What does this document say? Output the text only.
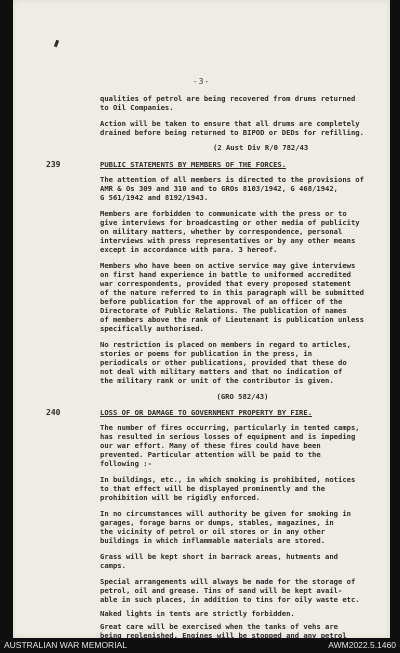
-3-
qualities of petrol are being recovered from drums returned
to Oil Companies.
Action will be taken to ensure that all drums are completely
drained before being returned to BIPOD or DEDs for refilling.
(2 Aust Div R/0 782/43
239	PUBLIC STATEMENTS BY MEMBERS OF THE FORCES.
The attention of all members is directed to the provisions of
AMR & Os 309 and 310 and to GROs 8103/1942, G 468/1942,
G 561/1942 and 8192/1943.
Members are forbidden to communicate with the press or to
give interviews for broadcasting or other media of publicity
on military matters, whether by correspondence, personal
interviews with press representatives or by any other means
except in accordance with para. 3 hereof.
Members who have been on active service may give interviews
on first hand experience in battle to uniformed accredited
war correspondents, provided that every proposed statement
of the nature referred to in this paragraph will be submitted
before publication for the approval of an officer of the
Directorate of Public Relations. The publication of names
of members above the rank of Lieutenant is publication unless
specifically authorised.
No restriction is placed on members in regard to articles,
stories or poems for publication in the press, in
periodicals or other publications, provided that these do
not deal with military matters and that no indication of
the military rank or unit of the contributor is given.
(GRO 582/43)
240	LOSS OF OR DAMAGE TO GOVERNMENT PROPERTY BY FIRE.
The number of fires occurring, particularly in tented camps,
has resulted in serious losses of equipment and is impeding
our war effort. Many of these fires could have been
prevented. Particular attention will be paid to the
following :-
In buildings, etc., in which smoking is prohibited, notices
to that effect will be displayed prominently and the
prohibition will be rigidly enforced.
In no circumstances will authority be given for smoking in
garages, forage barns or dumps, stables, magazines, in
the vicinity of petrol or oil stores or in any other
buildings in which inflammable materials are stored.
Grass will be kept short in barrack areas, hutments and
camps.
Special arrangements will always be made for the storage of
petrol, oil and grease. Tins of sand will be kept avail-
able in such places, in addition to tins for oily waste etc.
Naked lights in tents are strictly forbidden.
Great care will be exercised when the tanks of vehs are
being replenished. Engines will be stopped and any petrol
AUSTRALIAN WAR MEMORIAL	AWM2022.5.1460
